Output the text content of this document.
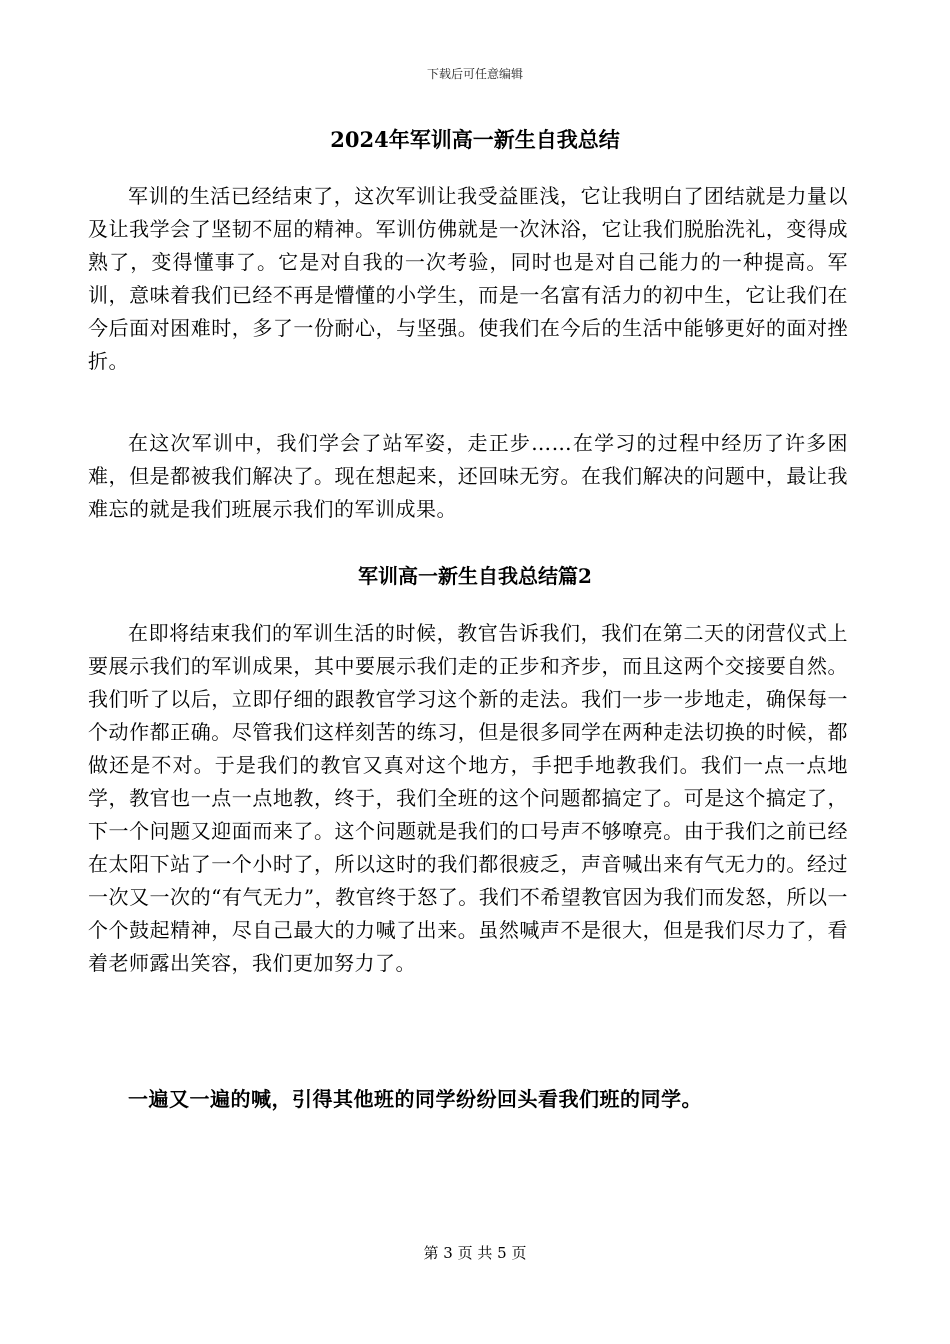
下载后可任意编辑
2024年军训高一新生自我总结

军训的生活已经结束了，这次军训让我受益匪浅，它让我明白了团结就是力量以及让我学会了坚韧不屈的精神。军训仿佛就是一次沐浴，它让我们脱胎洗礼，变得成熟了，变得懂事了。它是对自我的一次考验，同时也是对自己能力的一种提高。军训，意味着我们已经不再是懵懂的小学生，而是一名富有活力的初中生，它让我们在今后面对困难时，多了一份耐心，与坚强。使我们在今后的生活中能够更好的面对挫折。

在这次军训中，我们学会了站军姿，走正步……在学习的过程中经历了许多困难，但是都被我们解决了。现在想起来，还回味无穷。在我们解决的问题中，最让我难忘的就是我们班展示我们的军训成果。

军训高一新生自我总结篇2

在即将结束我们的军训生活的时候，教官告诉我们，我们在第二天的闭营仪式上要展示我们的军训成果，其中要展示我们走的正步和齐步，而且这两个交接要自然。我们听了以后，立即仔细的跟教官学习这个新的走法。我们一步一步地走，确保每一个动作都正确。尽管我们这样刻苦的练习，但是很多同学在两种走法切换的时候，都做还是不对。于是我们的教官又真对这个地方，手把手地教我们。我们一点一点地学，教官也一点一点地教，终于，我们全班的这个问题都搞定了。可是这个搞定了，下一个问题又迎面而来了。这个问题就是我们的口号声不够嘹亮。由于我们之前已经在太阳下站了一个小时了，所以这时的我们都很疲乏，声音喊出来有气无力的。经过一次又一次的“有气无力”，教官终于怒了。我们不希望教官因为我们而发怒，所以一个个鼓起精神，尽自己最大的力喊了出来。虽然喊声不是很大，但是我们尽力了，看着老师露出笑容，我们更加努力了。

一遍又一遍的喊，引得其他班的同学纷纷回头看我们班的同学。

第 3 页 共 5 页
